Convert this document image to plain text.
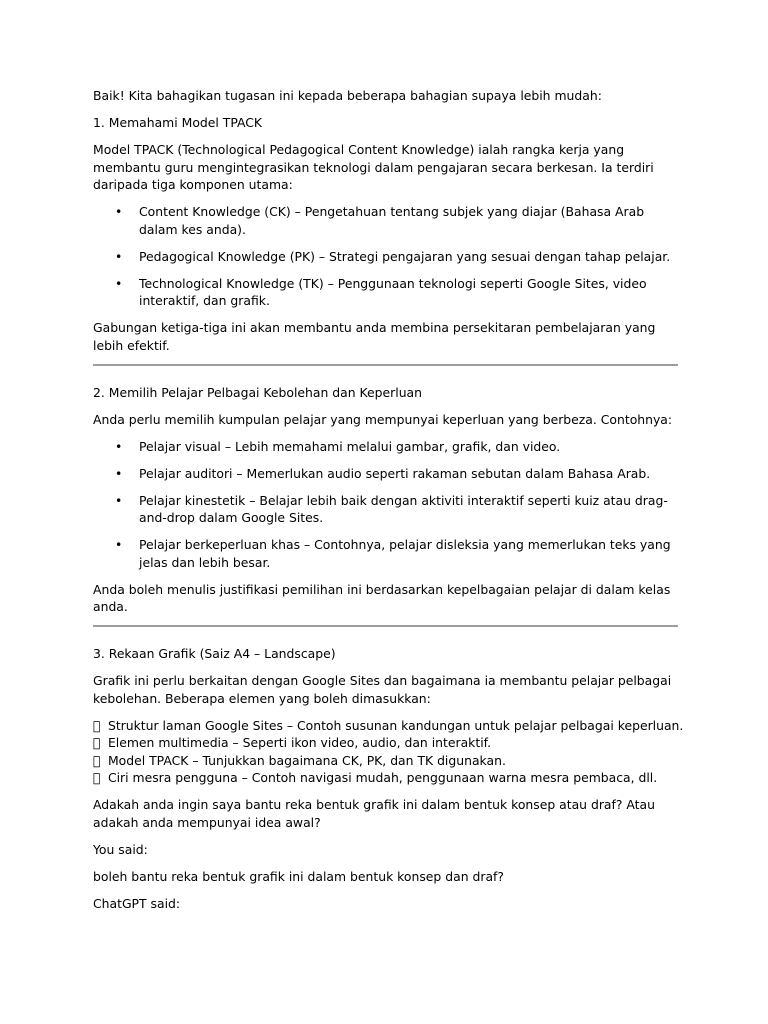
Baik! Kita bahagikan tugasan ini kepada beberapa bahagian supaya lebih mudah:

1. Memahami Model TPACK

Model TPACK (Technological Pedagogical Content Knowledge) ialah rangka kerja yang membantu guru mengintegrasikan teknologi dalam pengajaran secara berkesan. Ia terdiri daripada tiga komponen utama:

• Content Knowledge (CK) – Pengetahuan tentang subjek yang diajar (Bahasa Arab dalam kes anda).
• Pedagogical Knowledge (PK) – Strategi pengajaran yang sesuai dengan tahap pelajar.
• Technological Knowledge (TK) – Penggunaan teknologi seperti Google Sites, video interaktif, dan grafik.

Gabungan ketiga-tiga ini akan membantu anda membina persekitaran pembelajaran yang lebih efektif.

2. Memilih Pelajar Pelbagai Kebolehan dan Keperluan

Anda perlu memilih kumpulan pelajar yang mempunyai keperluan yang berbeza. Contohnya:

• Pelajar visual – Lebih memahami melalui gambar, grafik, dan video.
• Pelajar auditori – Memerlukan audio seperti rakaman sebutan dalam Bahasa Arab.
• Pelajar kinestetik – Belajar lebih baik dengan aktiviti interaktif seperti kuiz atau drag-and-drop dalam Google Sites.
• Pelajar berkeperluan khas – Contohnya, pelajar disleksia yang memerlukan teks yang jelas dan lebih besar.

Anda boleh menulis justifikasi pemilihan ini berdasarkan kepelbagaian pelajar di dalam kelas anda.

3. Rekaan Grafik (Saiz A4 – Landscape)

Grafik ini perlu berkaitan dengan Google Sites dan bagaimana ia membantu pelajar pelbagai kebolehan. Beberapa elemen yang boleh dimasukkan:

Struktur laman Google Sites – Contoh susunan kandungan untuk pelajar pelbagai keperluan.
Elemen multimedia – Seperti ikon video, audio, dan interaktif.
Model TPACK – Tunjukkan bagaimana CK, PK, dan TK digunakan.
Ciri mesra pengguna – Contoh navigasi mudah, penggunaan warna mesra pembaca, dll.

Adakah anda ingin saya bantu reka bentuk grafik ini dalam bentuk konsep atau draf? Atau adakah anda mempunyai idea awal?

You said:

boleh bantu reka bentuk grafik ini dalam bentuk konsep dan draf?

ChatGPT said:
